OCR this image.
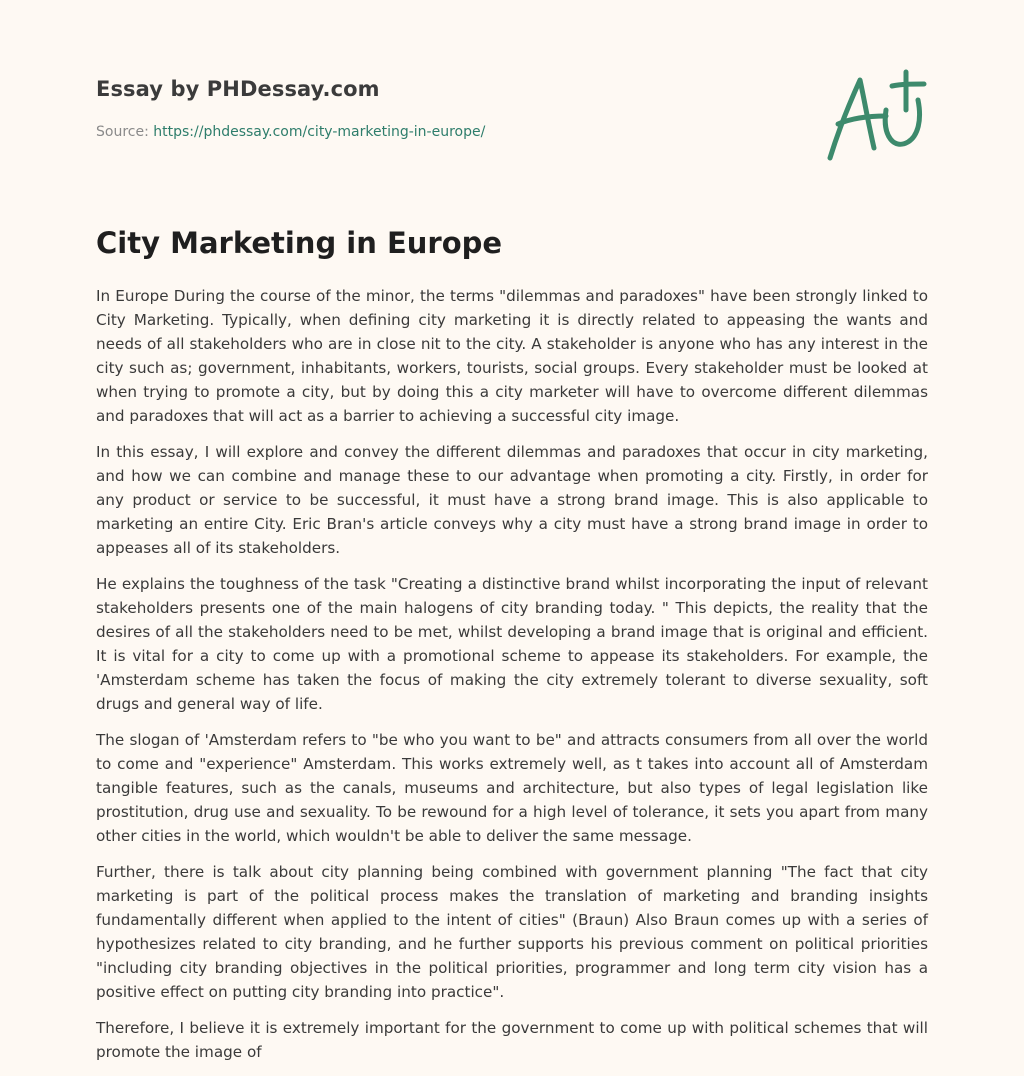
Essay by PHDessay.com

Source: https://phdessay.com/city-marketing-in-europe/

City Marketing in Europe

In Europe During the course of the minor, the terms "dilemmas and paradoxes" have been strongly linked to City Marketing. Typically, when defining city marketing it is directly related to appeasing the wants and needs of all stakeholders who are in close nit to the city. A stakeholder is anyone who has any interest in the city such as; government, inhabitants, workers, tourists, social groups. Every stakeholder must be looked at when trying to promote a city, but by doing this a city marketer will have to overcome different dilemmas and paradoxes that will act as a barrier to achieving a successful city image.

In this essay, I will explore and convey the different dilemmas and paradoxes that occur in city marketing, and how we can combine and manage these to our advantage when promoting a city. Firstly, in order for any product or service to be successful, it must have a strong brand image. This is also applicable to marketing an entire City. Eric Bran's article conveys why a city must have a strong brand image in order to appeases all of its stakeholders.

He explains the toughness of the task "Creating a distinctive brand whilst incorporating the input of relevant stakeholders presents one of the main halogens of city branding today. " This depicts, the reality that the desires of all the stakeholders need to be met, whilst developing a brand image that is original and efficient. It is vital for a city to come up with a promotional scheme to appease its stakeholders. For example, the 'Amsterdam scheme has taken the focus of making the city extremely tolerant to diverse sexuality, soft drugs and general way of life.

The slogan of 'Amsterdam refers to "be who you want to be" and attracts consumers from all over the world to come and "experience" Amsterdam. This works extremely well, as t takes into account all of Amsterdam tangible features, such as the canals, museums and architecture, but also types of legal legislation like prostitution, drug use and sexuality. To be rewound for a high level of tolerance, it sets you apart from many other cities in the world, which wouldn't be able to deliver the same message.

Further, there is talk about city planning being combined with government planning "The fact that city marketing is part of the political process makes the translation of marketing and branding insights fundamentally different when applied to the intent of cities" (Braun) Also Braun comes up with a series of hypothesizes related to city branding, and he further supports his previous comment on political priorities "including city branding objectives in the political priorities, programmer and long term city vision has a positive effect on putting city branding into practice".

Therefore, I believe it is extremely important for the government to come up with political schemes that will promote the image of
